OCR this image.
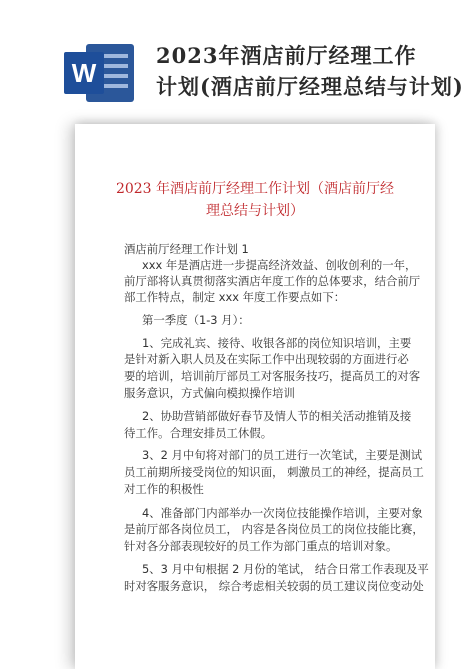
W
2023年酒店前厅经理工作
计划(酒店前厅经理总结与计划)
2023 年酒店前厅经理工作计划（酒店前厅经
理总结与计划）
酒店前厅经理工作计划 1
xxx 年是酒店进一步提高经济效益、创收创利的一年，
前厅部将认真贯彻落实酒店年度工作的总体要求，结合前厅
部工作特点，制定 xxx 年度工作要点如下：
第一季度（1-3 月）：
1、完成礼宾、接待、收银各部的岗位知识培训，主要
是针对新入职人员及在实际工作中出现较弱的方面进行必
要的培训，培训前厅部员工对客服务技巧，提高员工的对客
服务意识，方式偏向模拟操作培训
2、协助营销部做好春节及情人节的相关活动推销及接
待工作。合理安排员工休假。
3、2 月中旬将对部门的员工进行一次笔试，主要是测试
员工前期所接受岗位的知识面， 刺激员工的神经，提高员工
对工作的积极性
4、准备部门内部举办一次岗位技能操作培训，主要对象
是前厅部各岗位员工， 内容是各岗位员工的岗位技能比赛，
针对各分部表现较好的员工作为部门重点的培训对象。
5、3 月中旬根据 2 月份的笔试， 结合日常工作表现及平
时对客服务意识， 综合考虑相关较弱的员工建议岗位变动处
